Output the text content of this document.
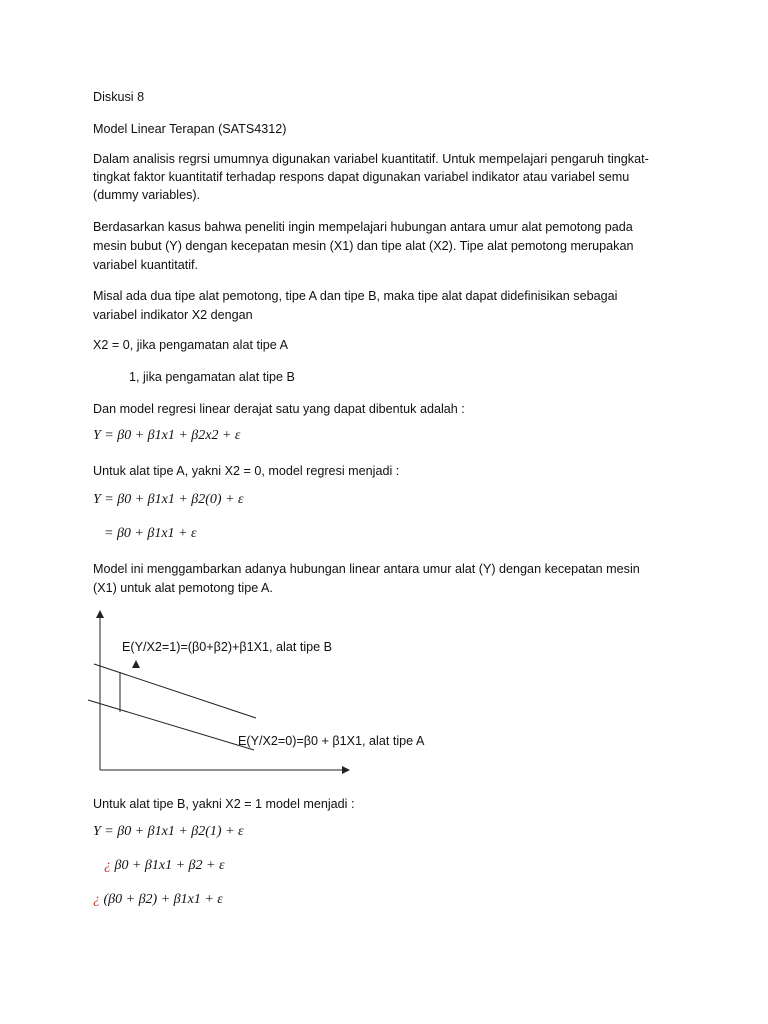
Diskusi 8
Model Linear Terapan (SATS4312)
Dalam analisis regrsi umumnya digunakan variabel kuantitatif. Untuk mempelajari pengaruh tingkat-
tingkat faktor kuantitatif terhadap respons dapat digunakan variabel indikator atau variabel semu
(dummy variables).
Berdasarkan kasus bahwa peneliti ingin mempelajari hubungan antara umur alat pemotong pada
mesin bubut (Y) dengan kecepatan mesin (X1) dan tipe alat (X2). Tipe alat pemotong merupakan
variabel kuantitatif.
Misal ada dua tipe alat pemotong, tipe A dan tipe B, maka tipe alat dapat didefinisikan sebagai
variabel indikator X2 dengan
X2 = 0, jika pengamatan alat tipe A
1, jika pengamatan alat tipe B
Dan model regresi linear derajat satu yang dapat dibentuk adalah :
Y = β0 + β1x1 + β2x2 + ε
Untuk alat tipe A, yakni X2 = 0, model regresi menjadi :
Y = β0 + β1x1 + β2(0) + ε
= β0 + β1x1 + ε
Model ini menggambarkan adanya hubungan linear antara umur alat (Y) dengan kecepatan mesin
(X1) untuk alat pemotong tipe A.
E(Y/X2=1)=(β0+β2)+β1X1, alat tipe B
E(Y/X2=0)=β0 + β1X1, alat tipe A
Untuk alat tipe B, yakni X2 = 1 model menjadi :
Y = β0 + β1x1 + β2(1) + ε
¿ β0 + β1x1 + β2 + ε
¿ (β0 + β2) + β1x1 + ε
